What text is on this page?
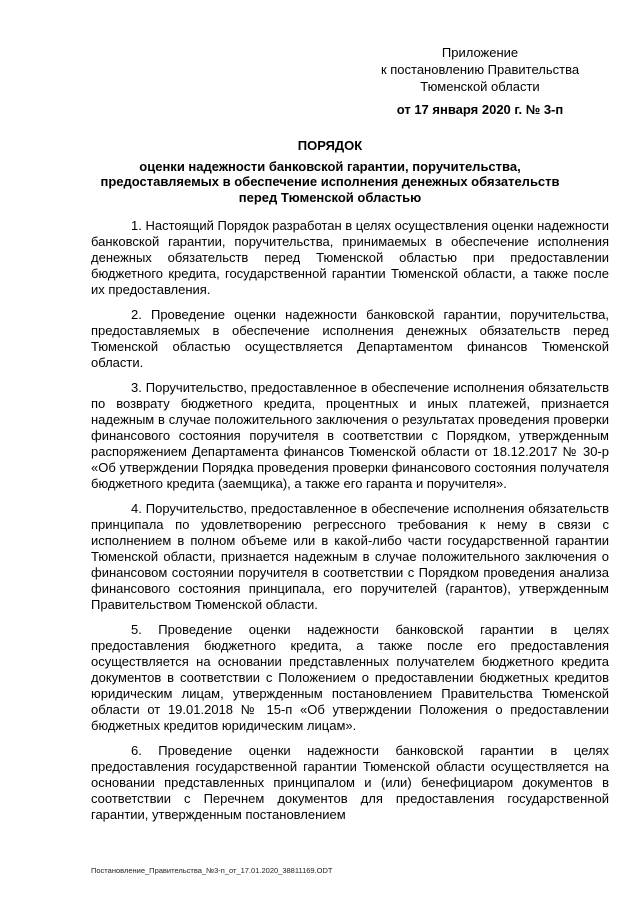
Приложение
к постановлению Правительства
Тюменской области
от 17 января 2020 г. № 3-п
ПОРЯДОК
оценки надежности банковской гарантии, поручительства, предоставляемых в обеспечение исполнения денежных обязательств перед Тюменской областью

1. Настоящий Порядок разработан в целях осуществления оценки надежности банковской гарантии, поручительства, принимаемых в обеспечение исполнения денежных обязательств перед Тюменской областью при предоставлении бюджетного кредита, государственной гарантии Тюменской области, а также после их предоставления.

2. Проведение оценки надежности банковской гарантии, поручительства, предоставляемых в обеспечение исполнения денежных обязательств перед Тюменской областью осуществляется Департаментом финансов Тюменской области.

3. Поручительство, предоставленное в обеспечение исполнения обязательств по возврату бюджетного кредита, процентных и иных платежей, признается надежным в случае положительного заключения о результатах проведения проверки финансового состояния поручителя в соответствии с Порядком, утвержденным распоряжением Департамента финансов Тюменской области от 18.12.2017 № 30-р «Об утверждении Порядка проведения проверки финансового состояния получателя бюджетного кредита (заемщика), а также его гаранта и поручителя».

4. Поручительство, предоставленное в обеспечение исполнения обязательств принципала по удовлетворению регрессного требования к нему в связи с исполнением в полном объеме или в какой-либо части государственной гарантии Тюменской области, признается надежным в случае положительного заключения о финансовом состоянии поручителя в соответствии с Порядком проведения анализа финансового состояния принципала, его поручителей (гарантов), утвержденным Правительством Тюменской области.

5. Проведение оценки надежности банковской гарантии в целях предоставления бюджетного кредита, а также после его предоставления осуществляется на основании представленных получателем бюджетного кредита документов в соответствии с Положением о предоставлении бюджетных кредитов юридическим лицам, утвержденным постановлением Правительства Тюменской области от 19.01.2018 № 15-п «Об утверждении Положения о предоставлении бюджетных кредитов юридическим лицам».

6. Проведение оценки надежности банковской гарантии в целях предоставления государственной гарантии Тюменской области осуществляется на основании представленных принципалом и (или) бенефициаром документов в соответствии с Перечнем документов для предоставления государственной гарантии, утвержденным постановлением

Постановление_Правительства_№3-п_от_17.01.2020_38811169.ODT
